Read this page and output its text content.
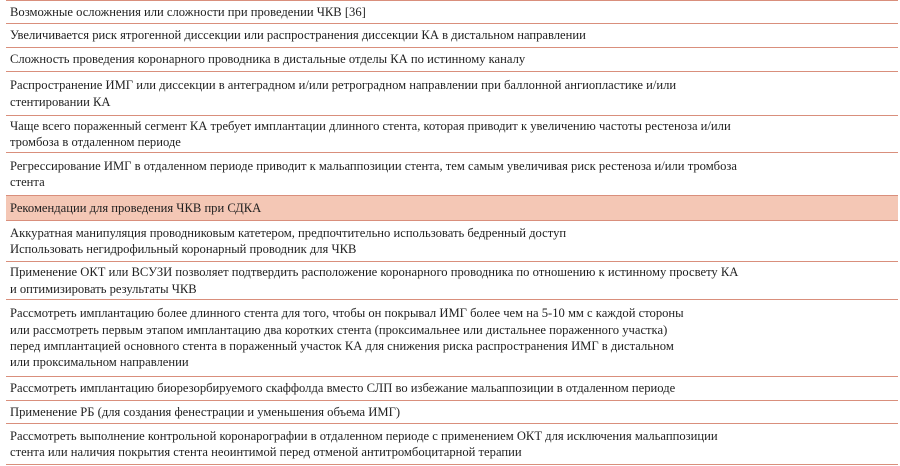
Возможные осложнения или сложности при проведении ЧКВ [36]
Увеличивается риск ятрогенной диссекции или распространения диссекции КА в дистальном направлении
Сложность проведения коронарного проводника в дистальные отделы КА по истинному каналу
Распространение ИМГ или диссекции в антеградном и/или ретроградном направлении при баллонной ангиопластике и/или
стентировании КА
Чаще всего пораженный сегмент КА требует имплантации длинного стента, которая приводит к увеличению частоты рестеноза и/или
тромбоза в отдаленном периоде
Регрессирование ИМГ в отдаленном периоде приводит к мальаппозиции стента, тем самым увеличивая риск рестеноза и/или тромбоза
стента
Рекомендации для проведения ЧКВ при СДКА
Аккуратная манипуляция проводниковым катетером, предпочтительно использовать бедренный доступ
Использовать негидрофильный коронарный проводник для ЧКВ
Применение ОКТ или ВСУЗИ позволяет подтвердить расположение коронарного проводника по отношению к истинному просвету КА
и оптимизировать результаты ЧКВ
Рассмотреть имплантацию более длинного стента для того, чтобы он покрывал ИМГ более чем на 5-10 мм с каждой стороны
или рассмотреть первым этапом имплантацию два коротких стента (проксимальнее или дистальнее пораженного участка)
перед имплантацией основного стента в пораженный участок КА для снижения риска распространения ИМГ в дистальном
или проксимальном направлении
Рассмотреть имплантацию биорезорбируемого скаффолда вместо СЛП во избежание мальаппозиции в отдаленном периоде
Применение РБ (для создания фенестрации и уменьшения объема ИМГ)
Рассмотреть выполнение контрольной коронарографии в отдаленном периоде с применением ОКТ для исключения мальаппозиции
стента или наличия покрытия стента неоинтимой перед отменой антитромбоцитарной терапии
